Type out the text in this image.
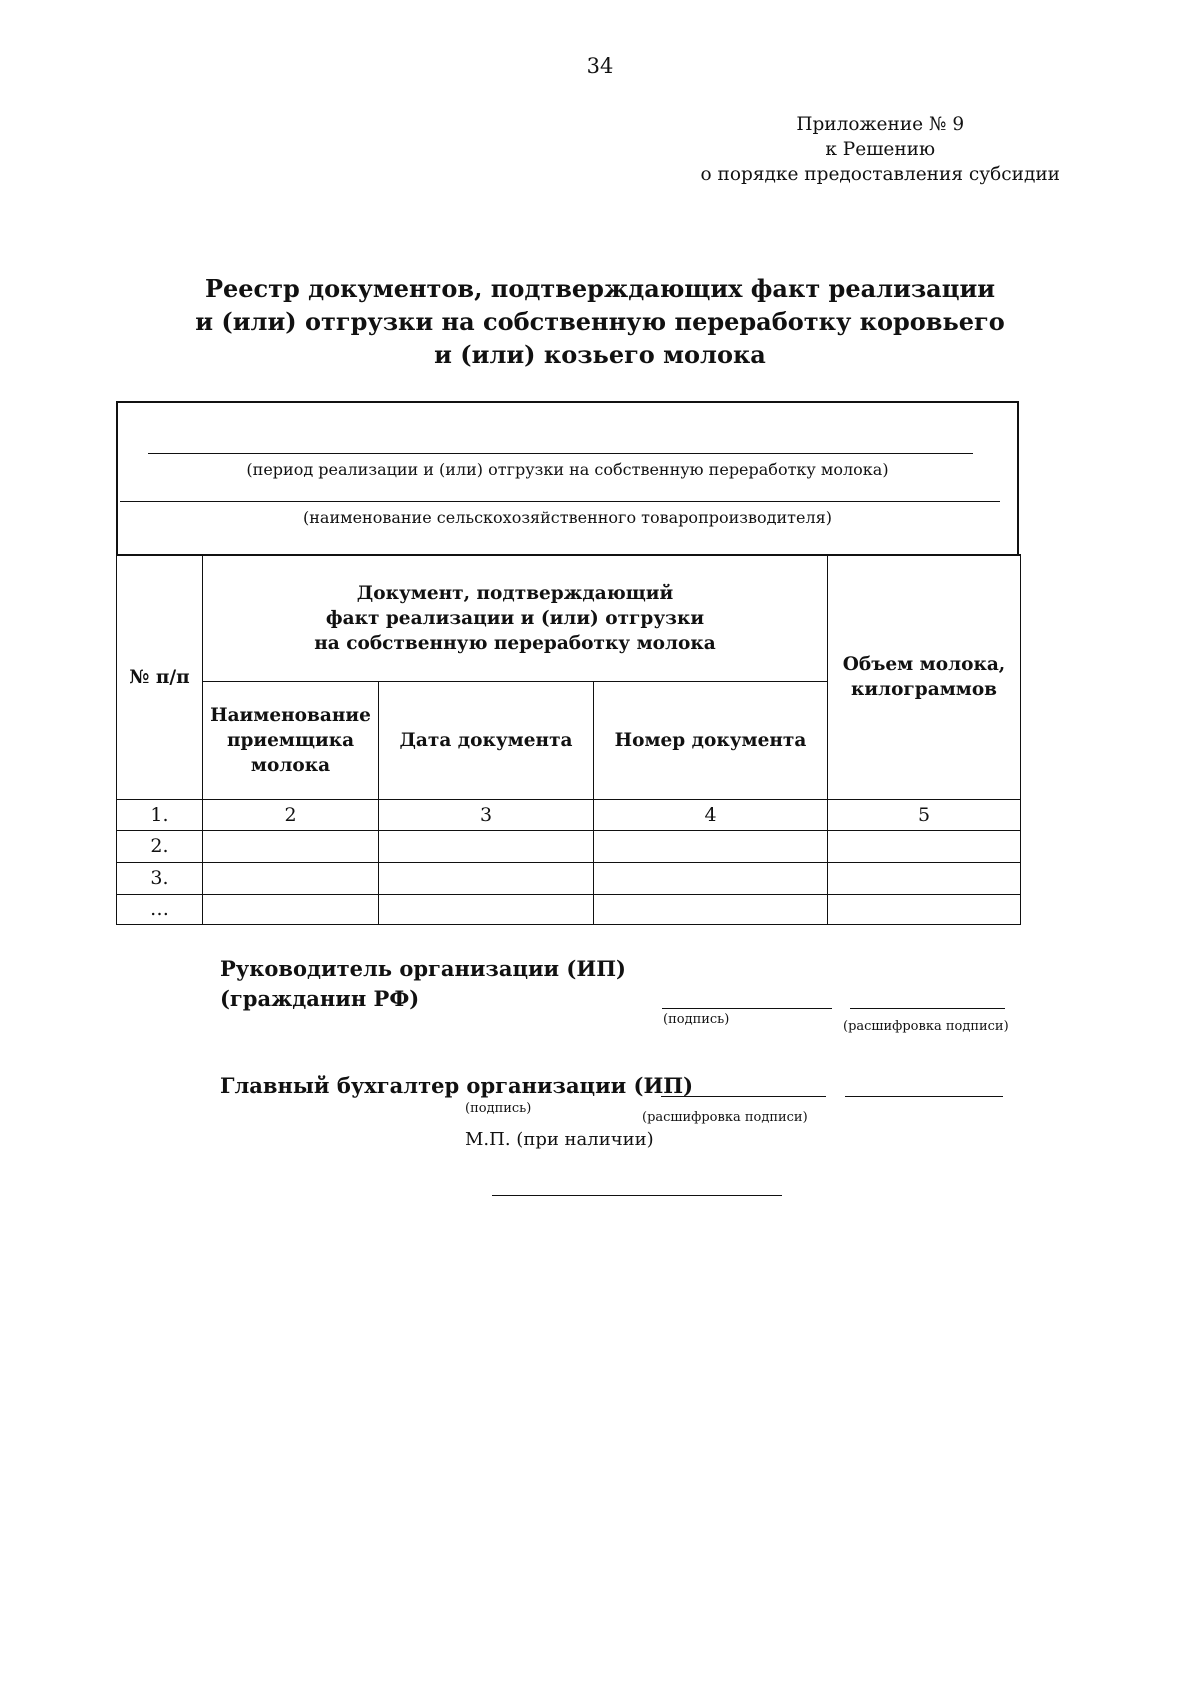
34
Приложение № 9
к Решению
о порядке предоставления субсидии
Реестр документов, подтверждающих факт реализации
и (или) отгрузки на собственную переработку коровьего
и (или) козьего молока
(период реализации и (или) отгрузки на собственную переработку молока)
(наименование сельскохозяйственного товаропроизводителя)
№ п/п	Документ, подтверждающий
факт реализации и (или) отгрузки
на собственную переработку молока			Объем молока,
килограммов

	Наименование
приемщика
молока	Дата документа	Номер документа	
1.	2	3	4	5
2.				
3.				
…				
Руководитель организации (ИП)
(гражданин РФ)
(подпись)	(расшифровка подписи)
Главный бухгалтер организации (ИП)
(подпись)
(расшифровка подписи)
М.П. (при наличии)
